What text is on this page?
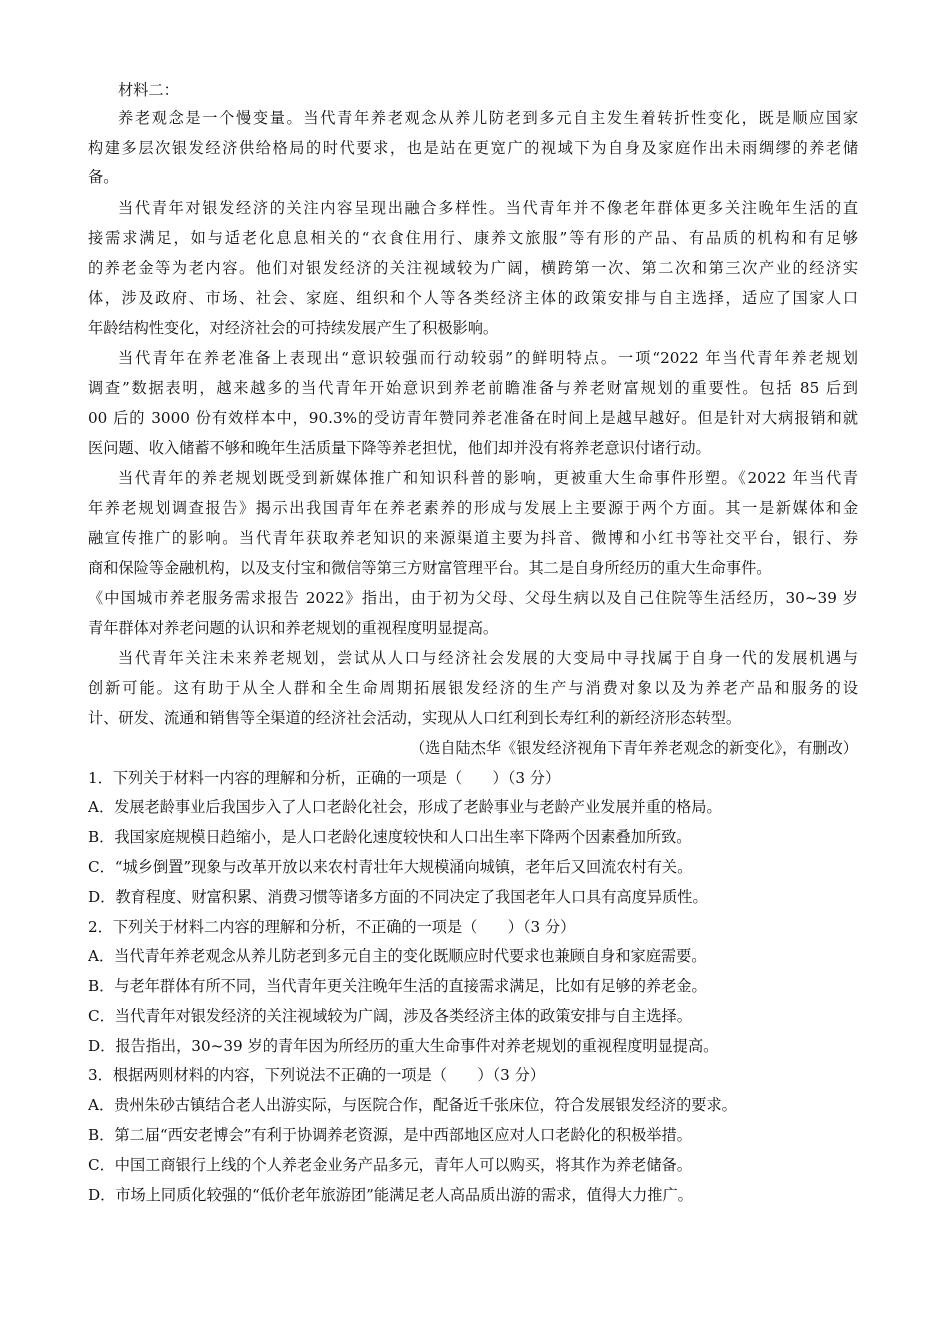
材料二：
养老观念是一个慢变量。当代青年养老观念从养儿防老到多元自主发生着转折性变化，既是顺应国家
构建多层次银发经济供给格局的时代要求，也是站在更宽广的视域下为自身及家庭作出未雨绸缪的养老储
备。
当代青年对银发经济的关注内容呈现出融合多样性。当代青年并不像老年群体更多关注晚年生活的直
接需求满足，如与适老化息息相关的“衣食住用行、康养文旅服”等有形的产品、有品质的机构和有足够
的养老金等为老内容。他们对银发经济的关注视域较为广阔，横跨第一次、第二次和第三次产业的经济实
体，涉及政府、市场、社会、家庭、组织和个人等各类经济主体的政策安排与自主选择，适应了国家人口
年龄结构性变化，对经济社会的可持续发展产生了积极影响。
当代青年在养老准备上表现出“意识较强而行动较弱”的鲜明特点。一项“2022 年当代青年养老规划
调查”数据表明，越来越多的当代青年开始意识到养老前瞻准备与养老财富规划的重要性。包括 85 后到
00 后的 3000 份有效样本中，90.3%的受访青年赞同养老准备在时间上是越早越好。但是针对大病报销和就
医问题、收入储蓄不够和晚年生活质量下降等养老担忧，他们却并没有将养老意识付诸行动。
当代青年的养老规划既受到新媒体推广和知识科普的影响，更被重大生命事件形塑。《2022 年当代青
年养老规划调查报告》揭示出我国青年在养老素养的形成与发展上主要源于两个方面。其一是新媒体和金
融宣传推广的影响。当代青年获取养老知识的来源渠道主要为抖音、微博和小红书等社交平台，银行、券
商和保险等金融机构，以及支付宝和微信等第三方财富管理平台。其二是自身所经历的重大生命事件。
《中国城市养老服务需求报告 2022》指出，由于初为父母、父母生病以及自己住院等生活经历，30~39 岁
青年群体对养老问题的认识和养老规划的重视程度明显提高。
当代青年关注未来养老规划，尝试从人口与经济社会发展的大变局中寻找属于自身一代的发展机遇与
创新可能。这有助于从全人群和全生命周期拓展银发经济的生产与消费对象以及为养老产品和服务的设
计、研发、流通和销售等全渠道的经济社会活动，实现从人口红利到长寿红利的新经济形态转型。
（选自陆杰华《银发经济视角下青年养老观念的新变化》，有删改）
1．下列关于材料一内容的理解和分析，正确的一项是（　　）（3 分）
A．发展老龄事业后我国步入了人口老龄化社会，形成了老龄事业与老龄产业发展并重的格局。
B．我国家庭规模日趋缩小，是人口老龄化速度较快和人口出生率下降两个因素叠加所致。
C．“城乡倒置”现象与改革开放以来农村青壮年大规模涌向城镇，老年后又回流农村有关。
D．教育程度、财富积累、消费习惯等诸多方面的不同决定了我国老年人口具有高度异质性。
2．下列关于材料二内容的理解和分析，不正确的一项是（　　）（3 分）
A．当代青年养老观念从养儿防老到多元自主的变化既顺应时代要求也兼顾自身和家庭需要。
B．与老年群体有所不同，当代青年更关注晚年生活的直接需求满足，比如有足够的养老金。
C．当代青年对银发经济的关注视域较为广阔，涉及各类经济主体的政策安排与自主选择。
D．报告指出，30~39 岁的青年因为所经历的重大生命事件对养老规划的重视程度明显提高。
3．根据两则材料的内容，下列说法不正确的一项是（　　）（3 分）
A．贵州朱砂古镇结合老人出游实际，与医院合作，配备近千张床位，符合发展银发经济的要求。
B．第二届“西安老博会”有利于协调养老资源，是中西部地区应对人口老龄化的积极举措。
C．中国工商银行上线的个人养老金业务产品多元，青年人可以购买，将其作为养老储备。
D．市场上同质化较强的“低价老年旅游团”能满足老人高品质出游的需求，值得大力推广。
